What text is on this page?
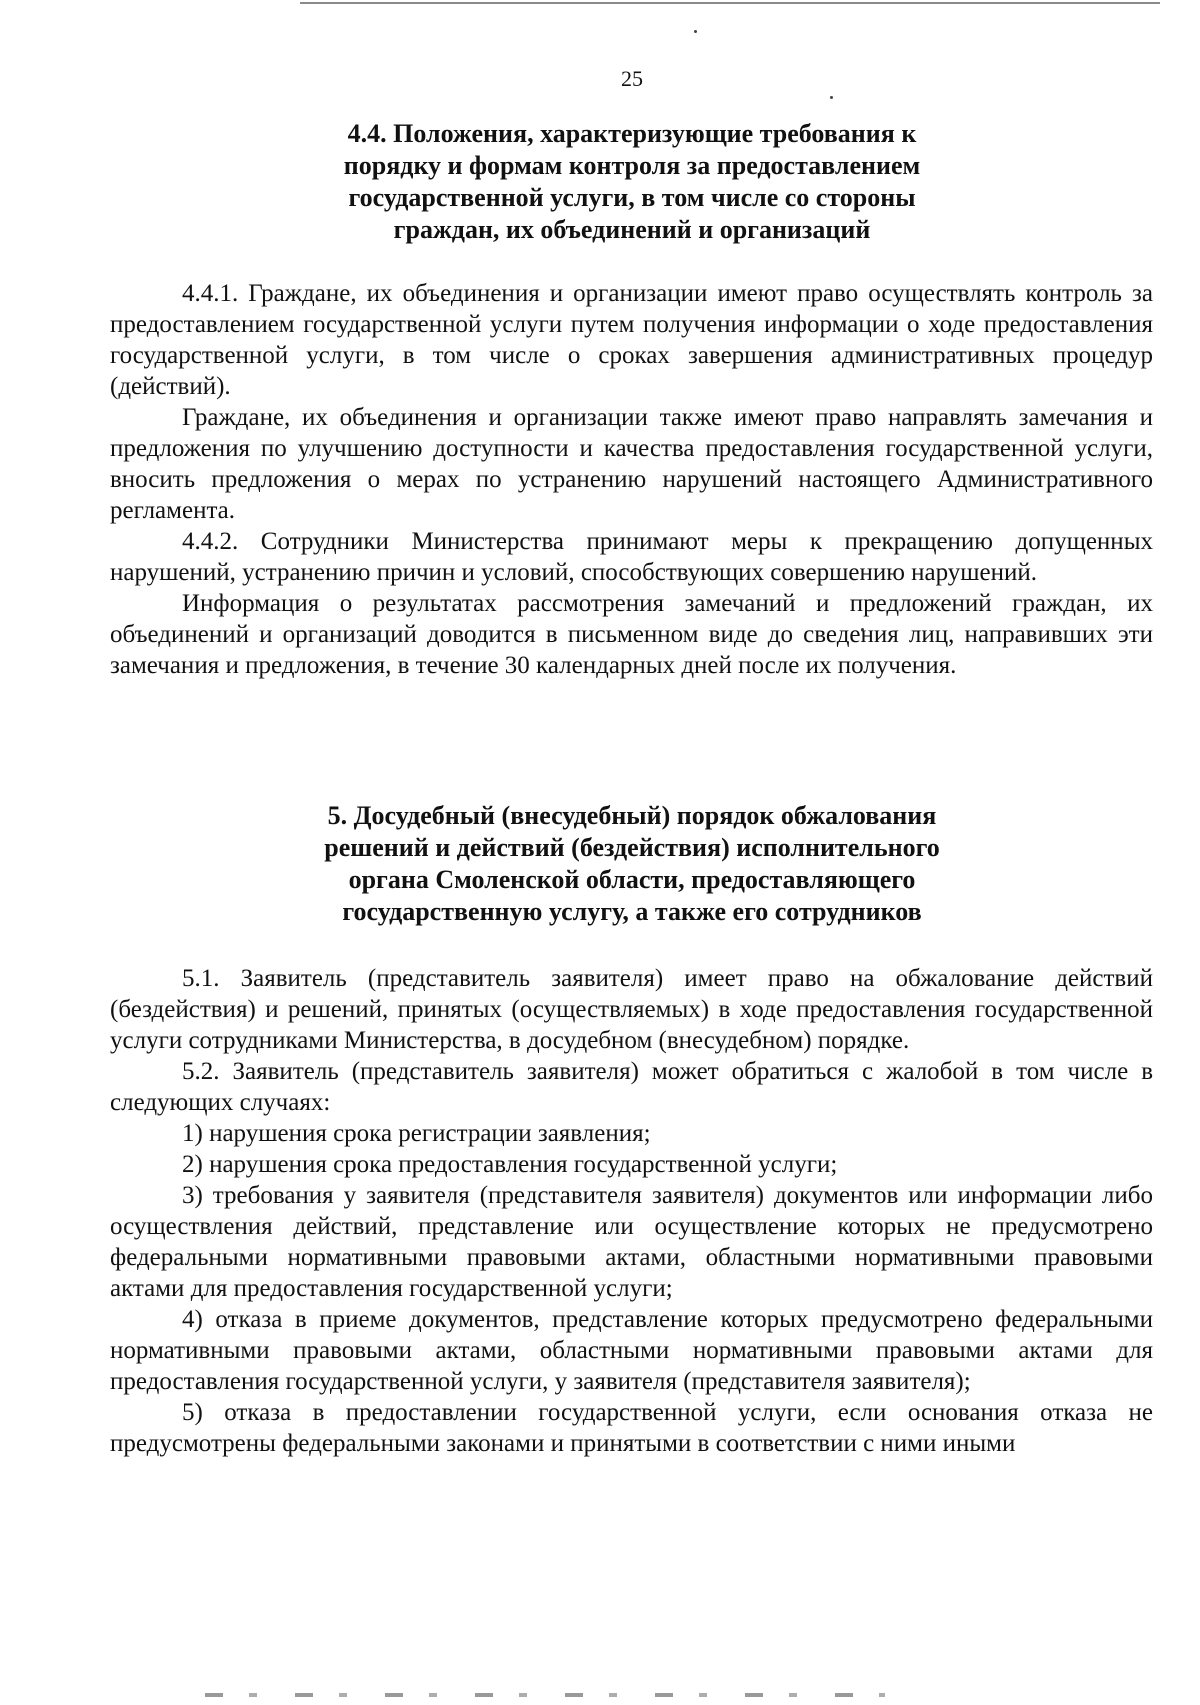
25
4.4. Положения, характеризующие требования к
порядку и формам контроля за предоставлением
государственной услуги, в том числе со стороны
граждан, их объединений и организаций

4.4.1. Граждане, их объединения и организации имеют право осуществлять контроль за предоставлением государственной услуги путем получения информации о ходе предоставления государственной услуги, в том числе о сроках завершения административных процедур (действий).

Граждане, их объединения и организации также имеют право направлять замечания и предложения по улучшению доступности и качества предоставления государственной услуги, вносить предложения о мерах по устранению нарушений настоящего Административного регламента.

4.4.2. Сотрудники Министерства принимают меры к прекращению допущенных нарушений, устранению причин и условий, способствующих совершению нарушений.

Информация о результатах рассмотрения замечаний и предложений граждан, их объединений и организаций доводится в письменном виде до сведения лиц, направивших эти замечания и предложения, в течение 30 календарных дней после их получения.

5. Досудебный (внесудебный) порядок обжалования
решений и действий (бездействия) исполнительного
органа Смоленской области, предоставляющего
государственную услугу, а также его сотрудников

5.1. Заявитель (представитель заявителя) имеет право на обжалование действий (бездействия) и решений, принятых (осуществляемых) в ходе предоставления государственной услуги сотрудниками Министерства, в досудебном (внесудебном) порядке.

5.2. Заявитель (представитель заявителя) может обратиться с жалобой в том числе в следующих случаях:

1) нарушения срока регистрации заявления;

2) нарушения срока предоставления государственной услуги;

3) требования у заявителя (представителя заявителя) документов или информации либо осуществления действий, представление или осуществление которых не предусмотрено федеральными нормативными правовыми актами, областными нормативными правовыми актами для предоставления государственной услуги;

4) отказа в приеме документов, представление которых предусмотрено федеральными нормативными правовыми актами, областными нормативными правовыми актами для предоставления государственной услуги, у заявителя (представителя заявителя);

5) отказа в предоставлении государственной услуги, если основания отказа не предусмотрены федеральными законами и принятыми в соответствии с ними иными
